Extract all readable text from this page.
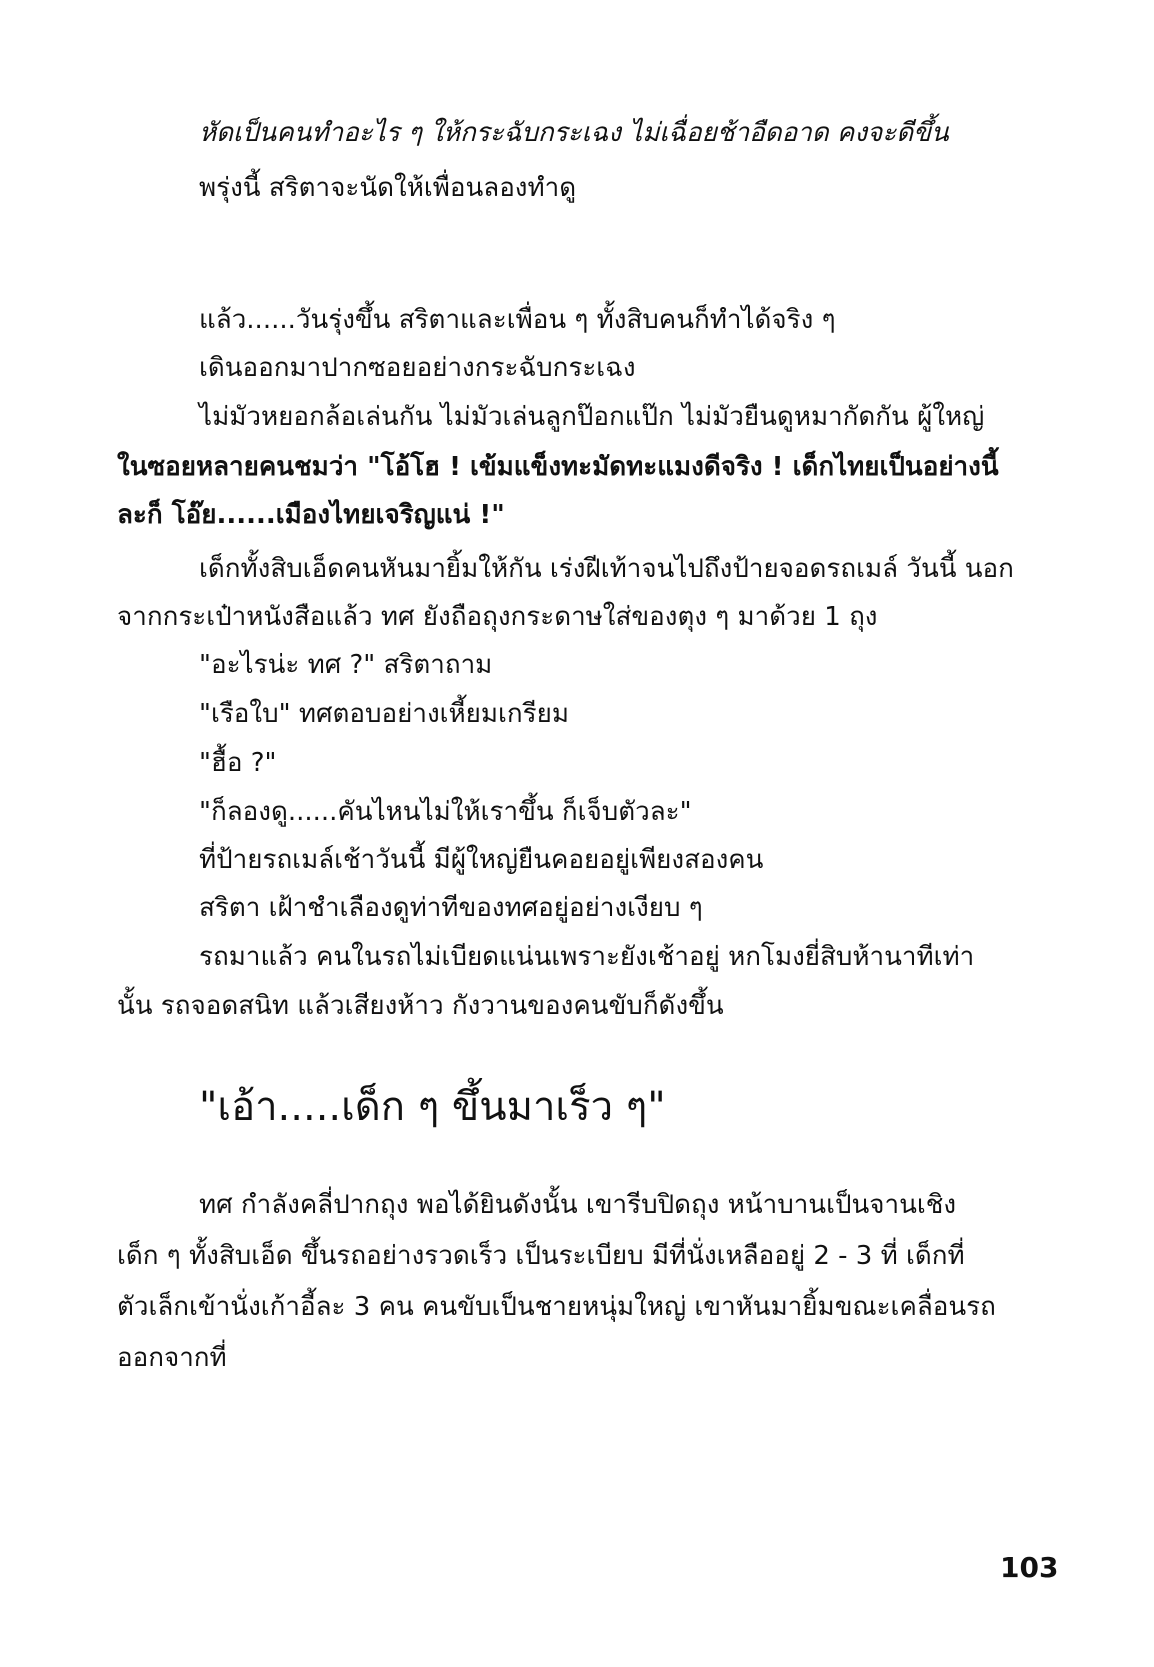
หัดเป็นคนทำอะไร ๆ ให้กระฉับกระเฉง ไม่เฉื่อยช้าอืดอาด คงจะดีขึ้น

พรุ่งนี้ สริตาจะนัดให้เพื่อนลองทำดู

แล้ว......วันรุ่งขึ้น สริตาและเพื่อน ๆ ทั้งสิบคนก็ทำได้จริง ๆ

เดินออกมาปากซอยอย่างกระฉับกระเฉง

ไม่มัวหยอกล้อเล่นกัน ไม่มัวเล่นลูกป๊อกแป๊ก ไม่มัวยืนดูหมากัดกัน ผู้ใหญ่

ในซอยหลายคนชมว่า "โอ้โฮ ! เข้มแข็งทะมัดทะแมงดีจริง ! เด็กไทยเป็นอย่างนี้

ละก็ โอ๊ย......เมืองไทยเจริญแน่ !"

เด็กทั้งสิบเอ็ดคนหันมายิ้มให้กัน เร่งฝีเท้าจนไปถึงป้ายจอดรถเมล์ วันนี้ นอก

จากกระเป๋าหนังสือแล้ว ทศ ยังถือถุงกระดาษใส่ของตุง ๆ มาด้วย 1 ถุง

"อะไรน่ะ ทศ ?" สริตาถาม

"เรือใบ" ทศตอบอย่างเหี้ยมเกรียม

"ฮื้อ ?"

"ก็ลองดู......คันไหนไม่ให้เราขึ้น ก็เจ็บตัวละ"

ที่ป้ายรถเมล์เช้าวันนี้ มีผู้ใหญ่ยืนคอยอยู่เพียงสองคน

สริตา เฝ้าชำเลืองดูท่าทีของทศอยู่อย่างเงียบ ๆ

รถมาแล้ว คนในรถไม่เบียดแน่นเพราะยังเช้าอยู่ หกโมงยี่สิบห้านาทีเท่า

นั้น รถจอดสนิท แล้วเสียงห้าว กังวานของคนขับก็ดังขึ้น

"เอ้า.....เด็ก ๆ ขึ้นมาเร็ว ๆ"

ทศ กำลังคลี่ปากถุง พอได้ยินดังนั้น เขารีบปิดถุง หน้าบานเป็นจานเชิง

เด็ก ๆ ทั้งสิบเอ็ด ขึ้นรถอย่างรวดเร็ว เป็นระเบียบ มีที่นั่งเหลืออยู่ 2 - 3 ที่ เด็กที่

ตัวเล็กเข้านั่งเก้าอี้ละ 3 คน คนขับเป็นชายหนุ่มใหญ่ เขาหันมายิ้มขณะเคลื่อนรถ

ออกจากที่

103
